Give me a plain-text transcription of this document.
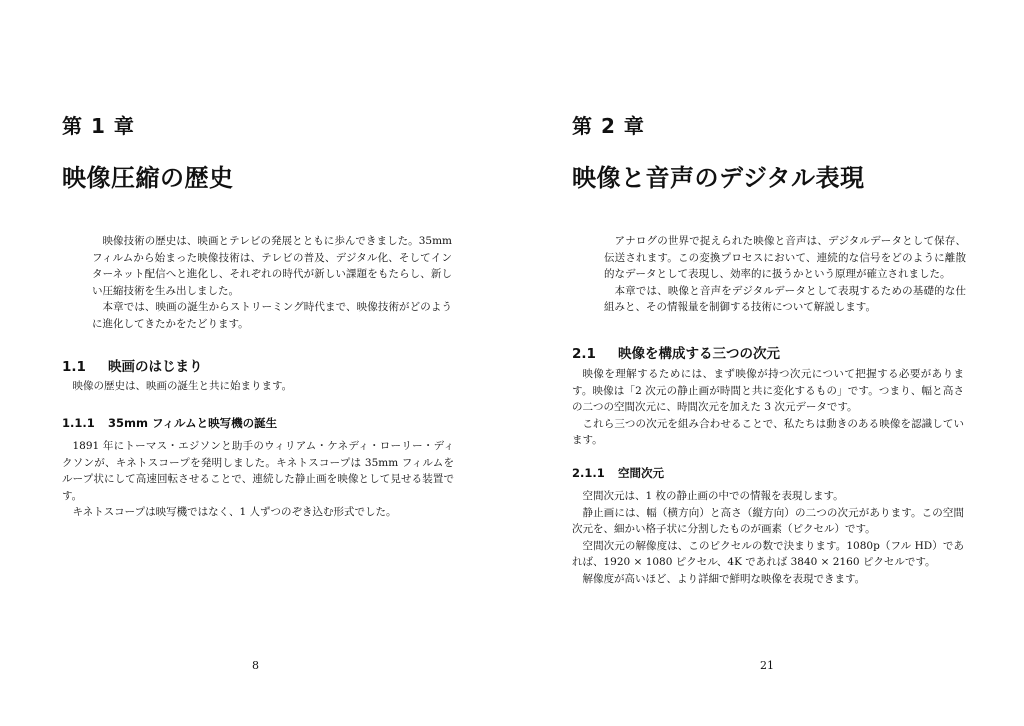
第 1 章
映像圧縮の歴史

映像技術の歴史は、映画とテレビの発展とともに歩んできました。35mm フィルムから始まった映像技術は、テレビの普及、デジタル化、そしてインターネット配信へと進化し、それぞれの時代が新しい課題をもたらし、新しい圧縮技術を生み出しました。

本章では、映画の誕生からストリーミング時代まで、映像技術がどのように進化してきたかをたどります。

1.1 映画のはじまり

映像の歴史は、映画の誕生と共に始まります。

1.1.1 35mm フィルムと映写機の誕生

1891 年にトーマス・エジソンと助手のウィリアム・ケネディ・ローリー・ディクソンが、キネトスコープを発明しました。キネトスコープは 35mm フィルムをループ状にして高速回転させることで、連続した静止画を映像として見せる装置です。

キネトスコープは映写機ではなく、1 人ずつのぞき込む形式でした。

8
第 2 章
映像と音声のデジタル表現

アナログの世界で捉えられた映像と音声は、デジタルデータとして保存、伝送されます。この変換プロセスにおいて、連続的な信号をどのように離散的なデータとして表現し、効率的に扱うかという原理が確立されました。

本章では、映像と音声をデジタルデータとして表現するための基礎的な仕組みと、その情報量を制御する技術について解説します。

2.1 映像を構成する三つの次元

映像を理解するためには、まず映像が持つ次元について把握する必要があります。映像は「2 次元の静止画が時間と共に変化するもの」です。つまり、幅と高さの二つの空間次元に、時間次元を加えた 3 次元データです。

これら三つの次元を組み合わせることで、私たちは動きのある映像を認識しています。

2.1.1 空間次元

空間次元は、1 枚の静止画の中での情報を表現します。

静止画には、幅（横方向）と高さ（縦方向）の二つの次元があります。この空間次元を、細かい格子状に分割したものが画素（ピクセル）です。

空間次元の解像度は、このピクセルの数で決まります。1080p（フル HD）であれば、1920 × 1080 ピクセル、4K であれば 3840 × 2160 ピクセルです。

解像度が高いほど、より詳細で鮮明な映像を表現できます。

21
